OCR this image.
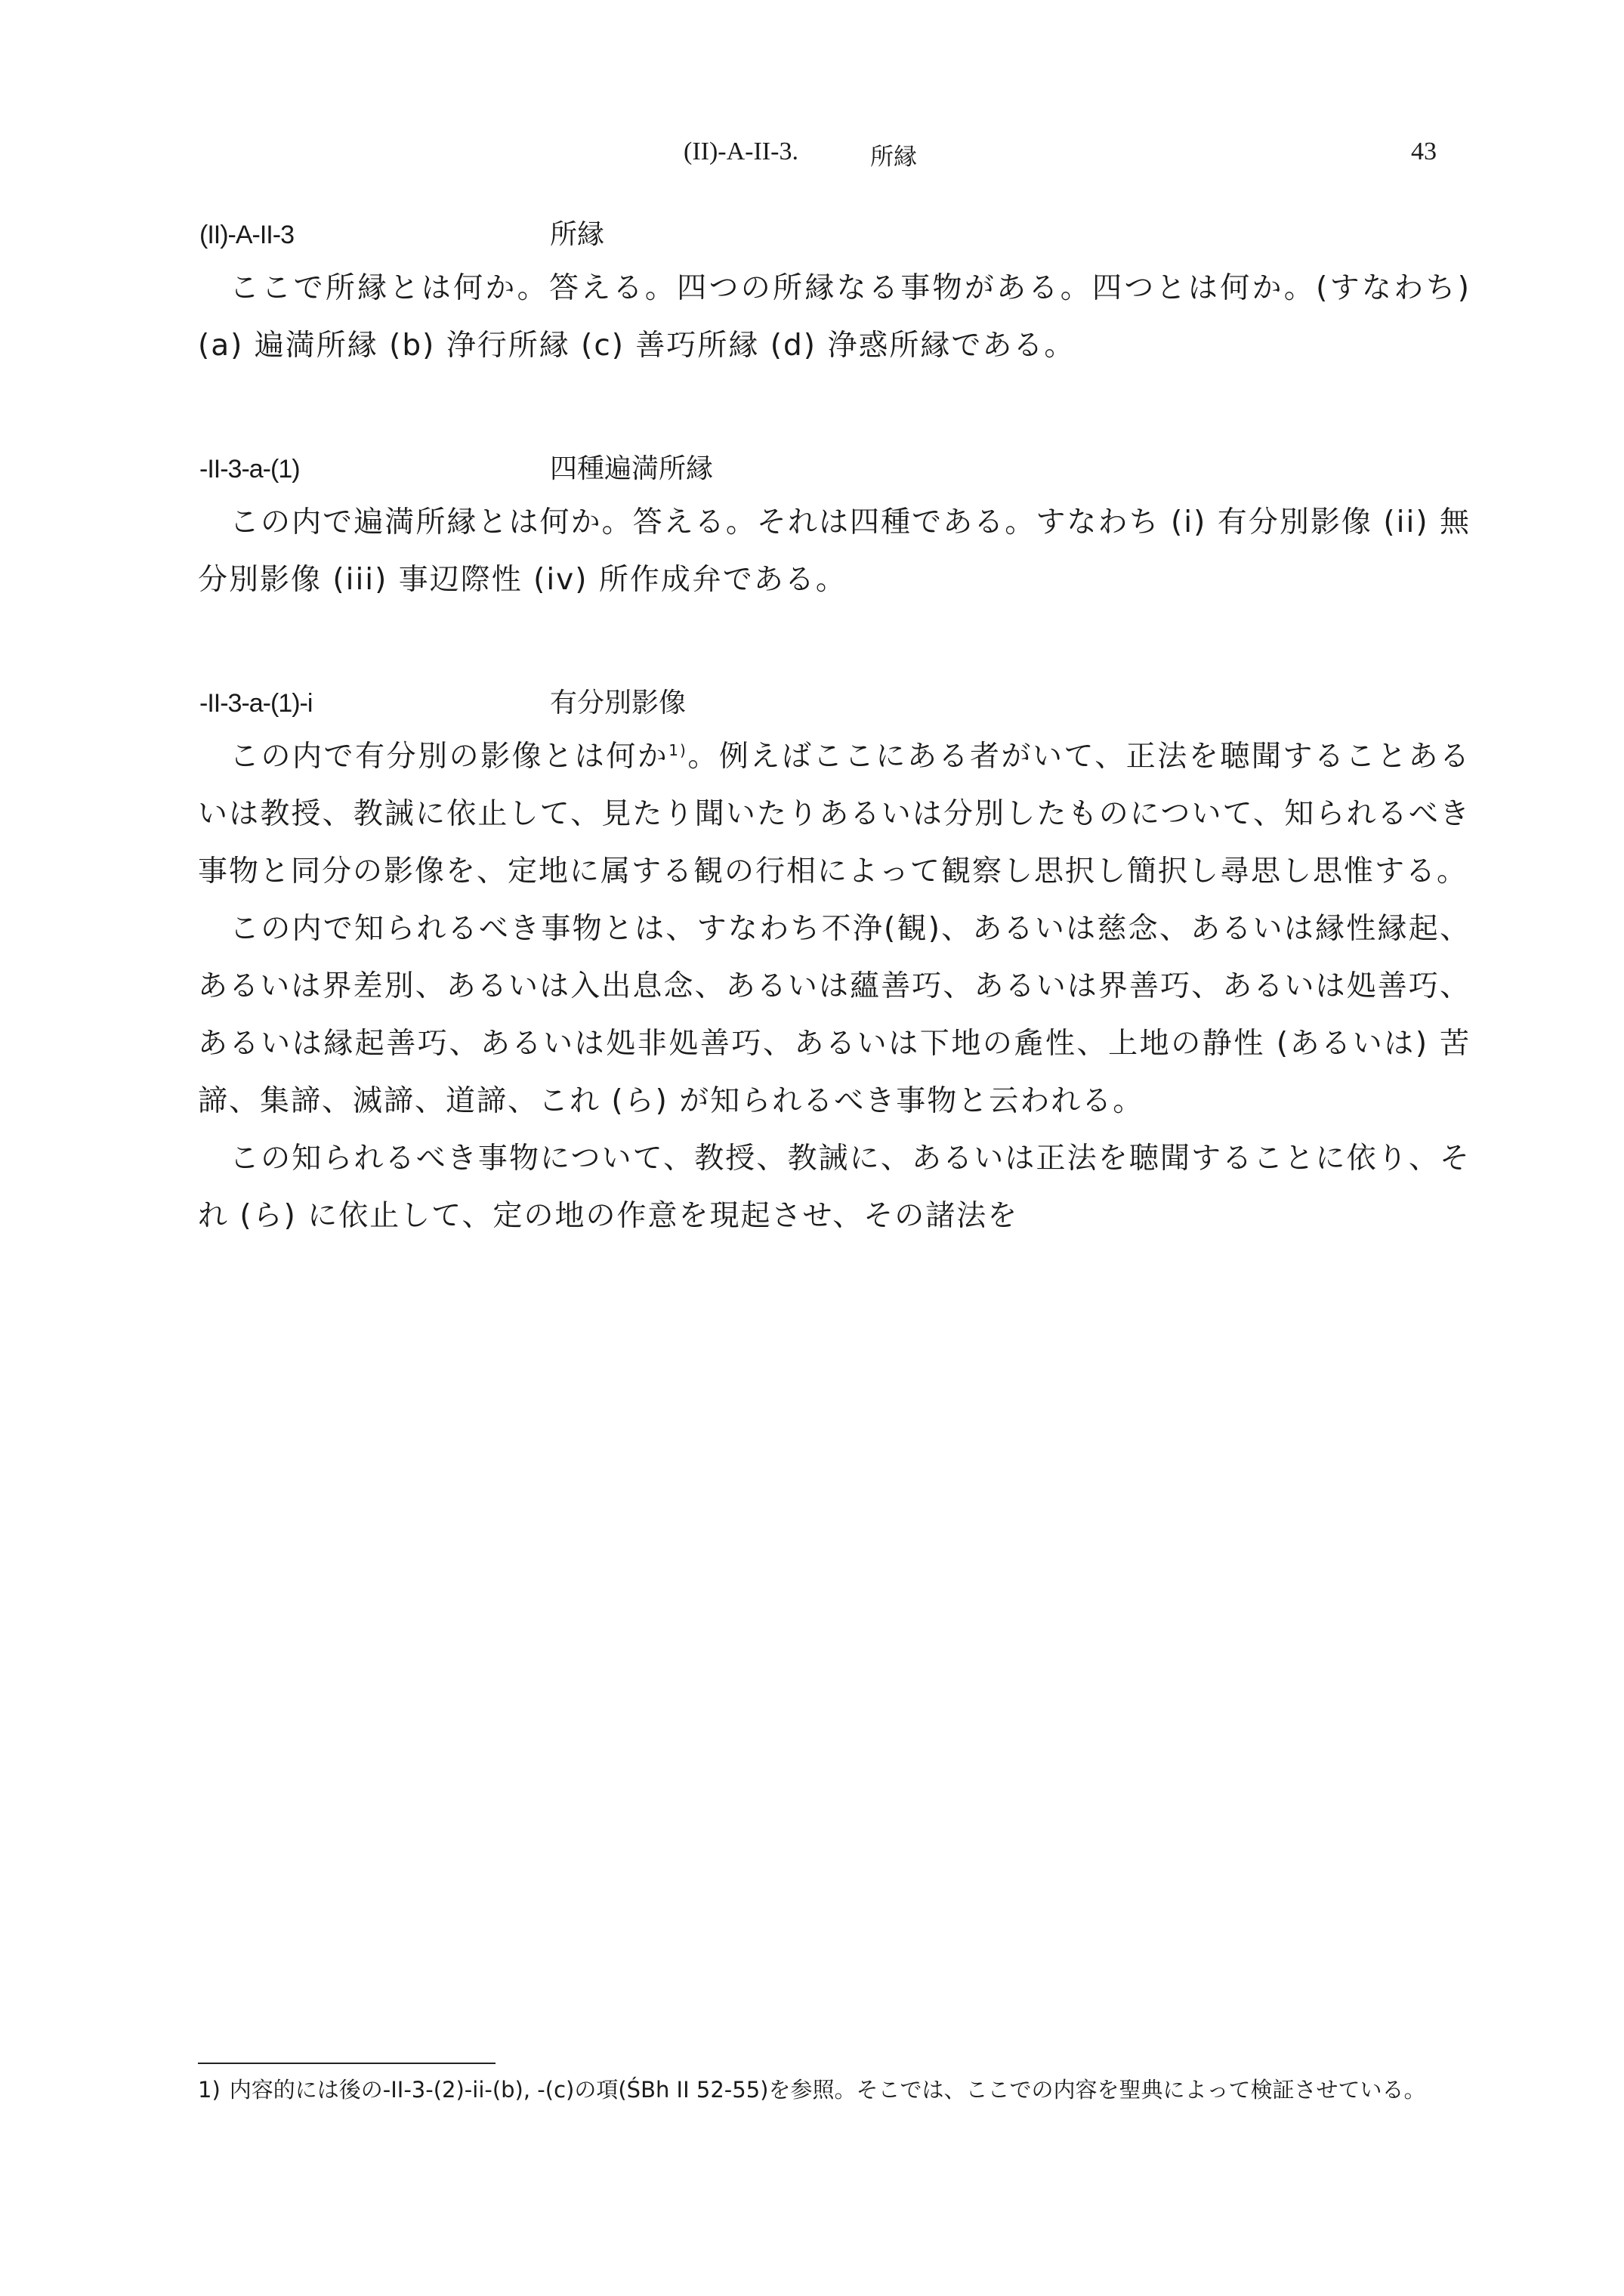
(II)-A-II-3.	所縁	43
(II)-A-II-3	所縁

ここで所縁とは何か。答える。四つの所縁なる事物がある。四つとは何か。(すなわち)(a) 遍満所縁 (b) 浄行所縁 (c) 善巧所縁 (d) 浄惑所縁である。

-II-3-a-(1)	四種遍満所縁

この内で遍満所縁とは何か。答える。それは四種である。すなわち (i) 有分別影像 (ii) 無分別影像 (iii) 事辺際性 (iv) 所作成弁である。

-II-3-a-(1)-i	有分別影像

この内で有分別の影像とは何か$^{1)}$。例えばここにある者がいて、正法を聴聞することあるいは教授、教誡に依止して、見たり聞いたりあるいは分別したものについて、知られるべき事物と同分の影像を、定地に属する観の行相によって観察し思択し簡択し尋思し思惟する。

この内で知られるべき事物とは、すなわち不浄(観)、あるいは慈念、あるいは縁性縁起、あるいは界差別、あるいは入出息念、あるいは蘊善巧、あるいは界善巧、あるいは処善巧、あるいは縁起善巧、あるいは処非処善巧、あるいは下地の麁性、上地の静性 (あるいは) 苦諦、集諦、滅諦、道諦、これ (ら) が知られるべき事物と云われる。

この知られるべき事物について、教授、教誡に、あるいは正法を聴聞することに依り、それ (ら) に依止して、定の地の作意を現起させ、その諸法を

1) 内容的には後の-II-3-(2)-ii-(b), -(c)の項(ŚBh II 52-55)を参照。そこでは、ここでの内容を聖典によって検証させている。
